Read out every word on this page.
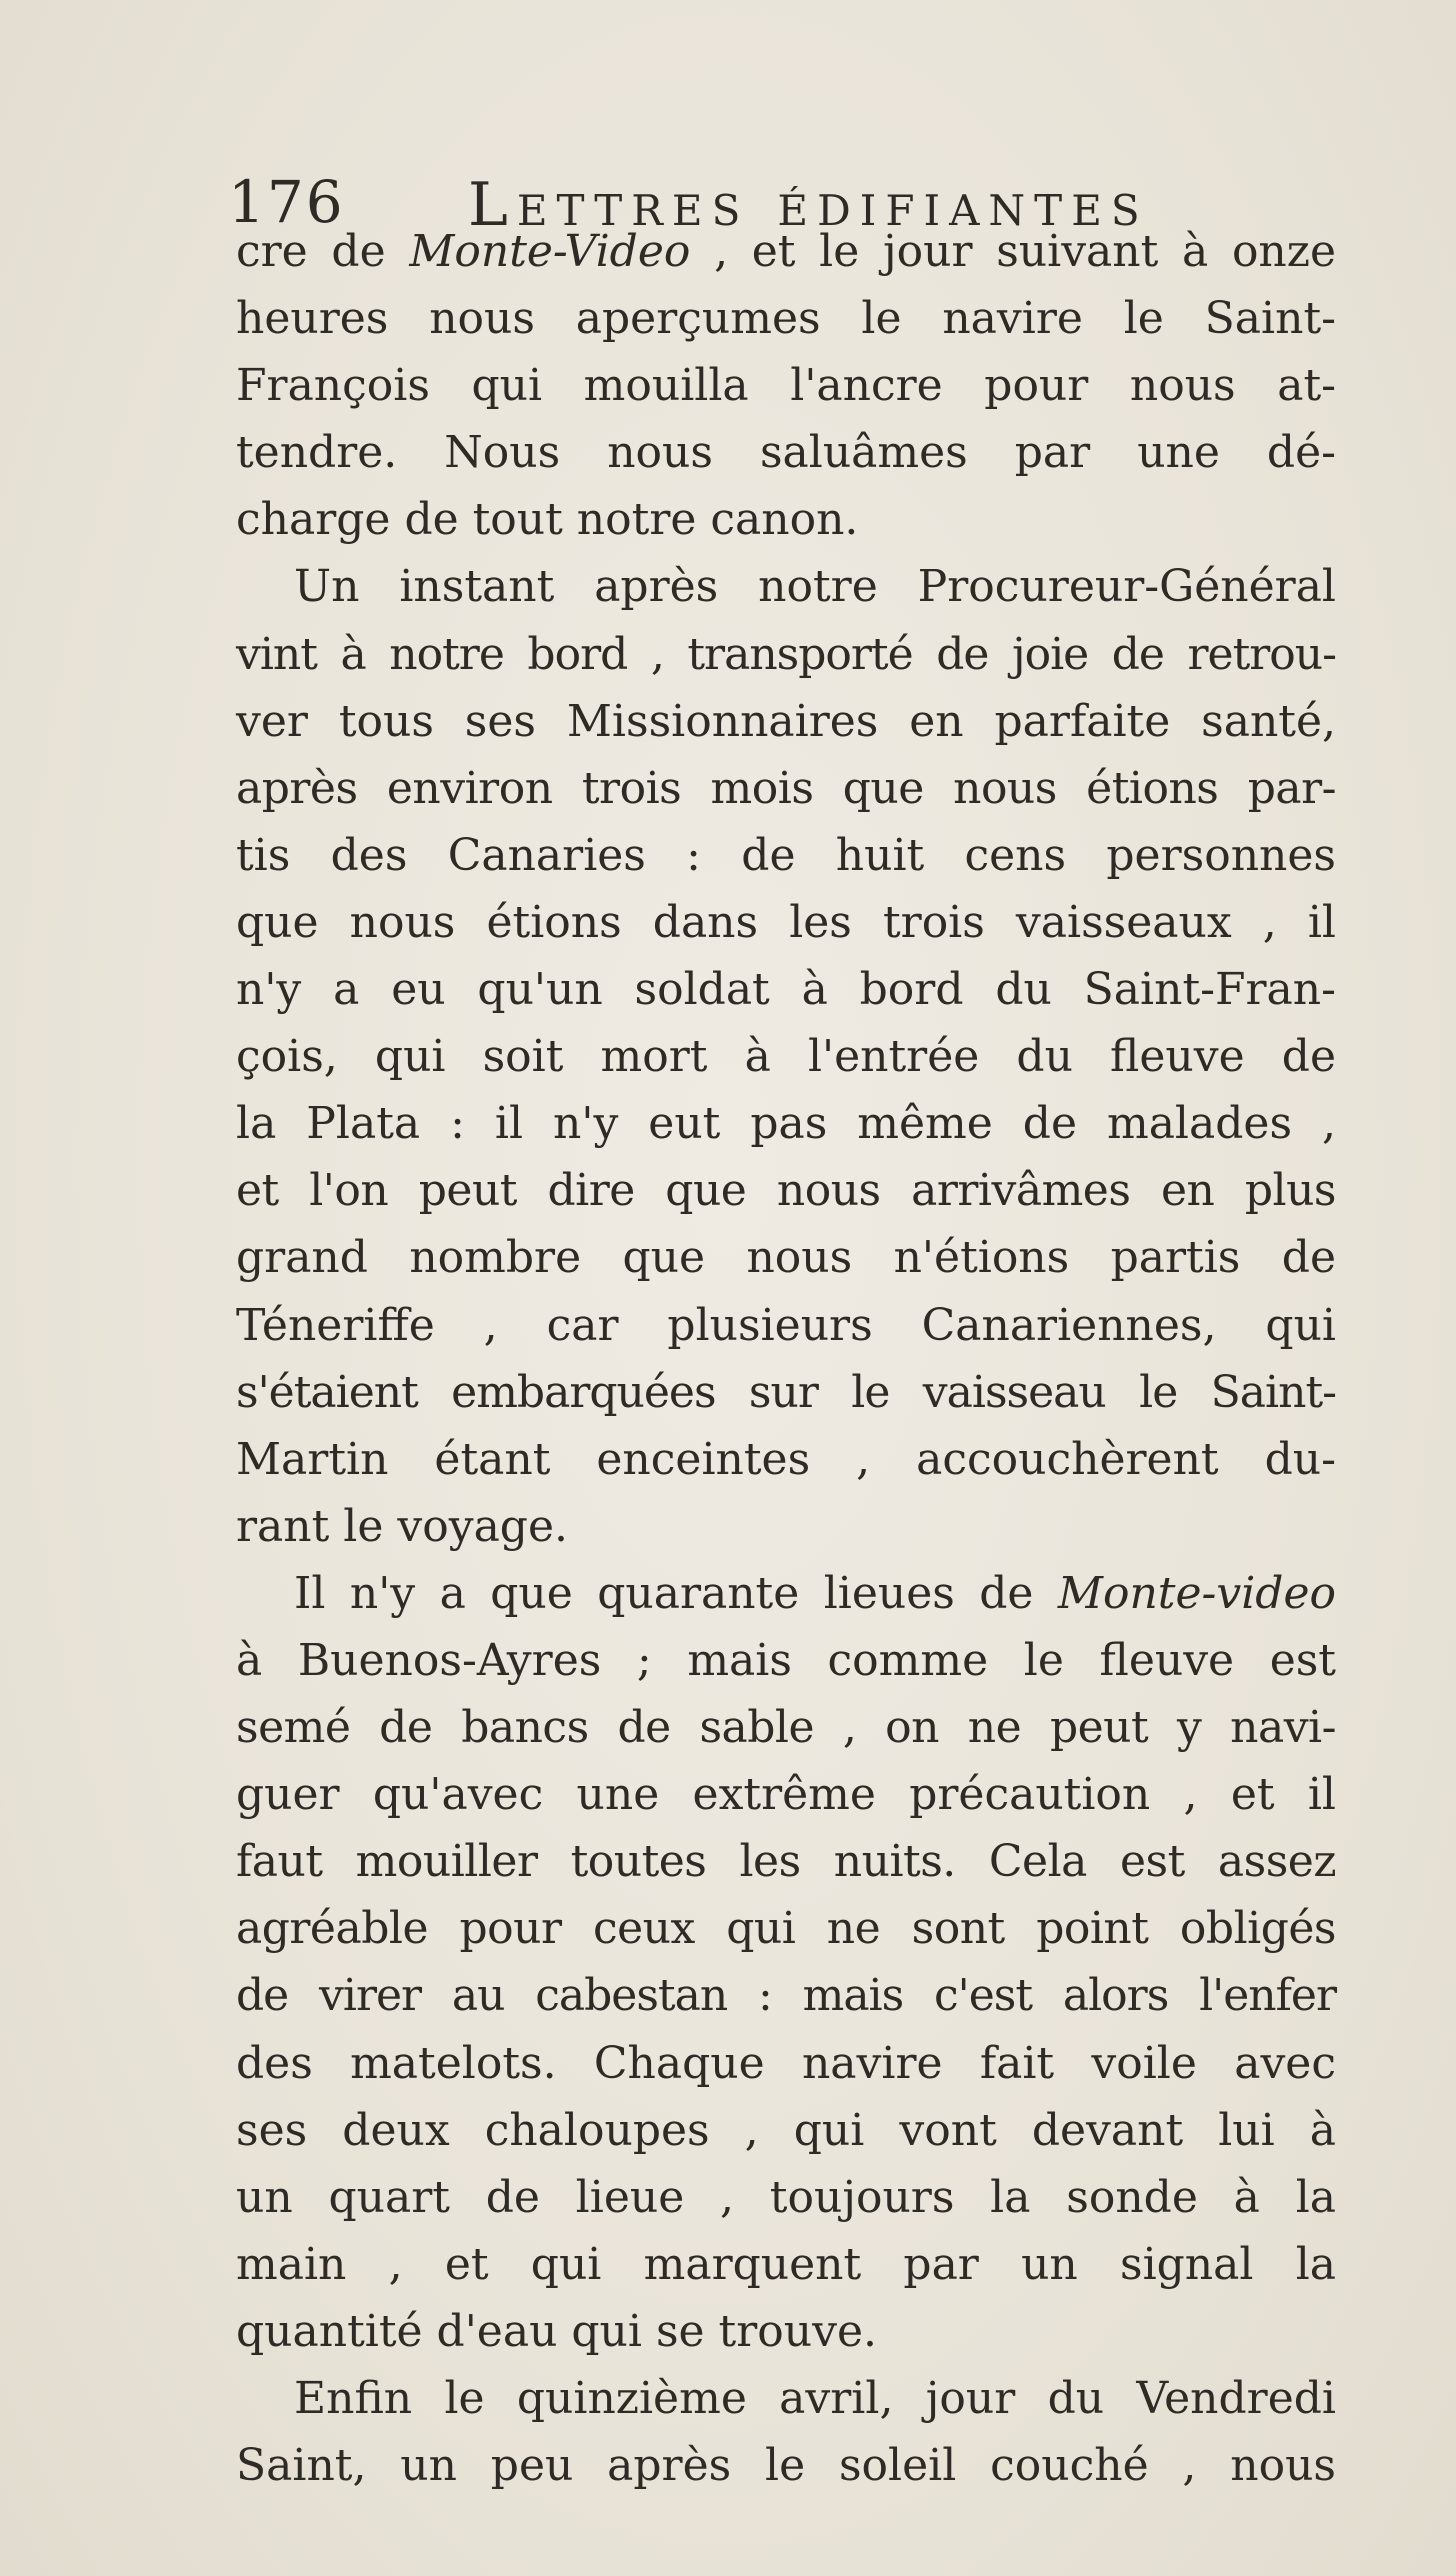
176 Lettres édifiantes
cre de Monte-Video , et le jour suivant à onze
heures nous aperçumes le navire le Saint-
François qui mouilla l'ancre pour nous at-
tendre. Nous nous saluâmes par une dé-
charge de tout notre canon.
Un instant après notre Procureur-Général
vint à notre bord , transporté de joie de retrou-
ver tous ses Missionnaires en parfaite santé,
après environ trois mois que nous étions par-
tis des Canaries : de huit cens personnes
que nous étions dans les trois vaisseaux , il
n'y a eu qu'un soldat à bord du Saint-Fran-
çois, qui soit mort à l'entrée du fleuve de
la Plata : il n'y eut pas même de malades ,
et l'on peut dire que nous arrivâmes en plus
grand nombre que nous n'étions partis de
Téneriffe , car plusieurs Canariennes, qui
s'étaient embarquées sur le vaisseau le Saint-
Martin étant enceintes , accouchèrent du-
rant le voyage.
Il n'y a que quarante lieues de Monte-video
à Buenos-Ayres ; mais comme le fleuve est
semé de bancs de sable , on ne peut y navi-
guer qu'avec une extrême précaution , et il
faut mouiller toutes les nuits. Cela est assez
agréable pour ceux qui ne sont point obligés
de virer au cabestan : mais c'est alors l'enfer
des matelots. Chaque navire fait voile avec
ses deux chaloupes , qui vont devant lui à
un quart de lieue , toujours la sonde à la
main , et qui marquent par un signal la
quantité d'eau qui se trouve.
Enfin le quinzième avril, jour du Vendredi
Saint, un peu après le soleil couché , nous
